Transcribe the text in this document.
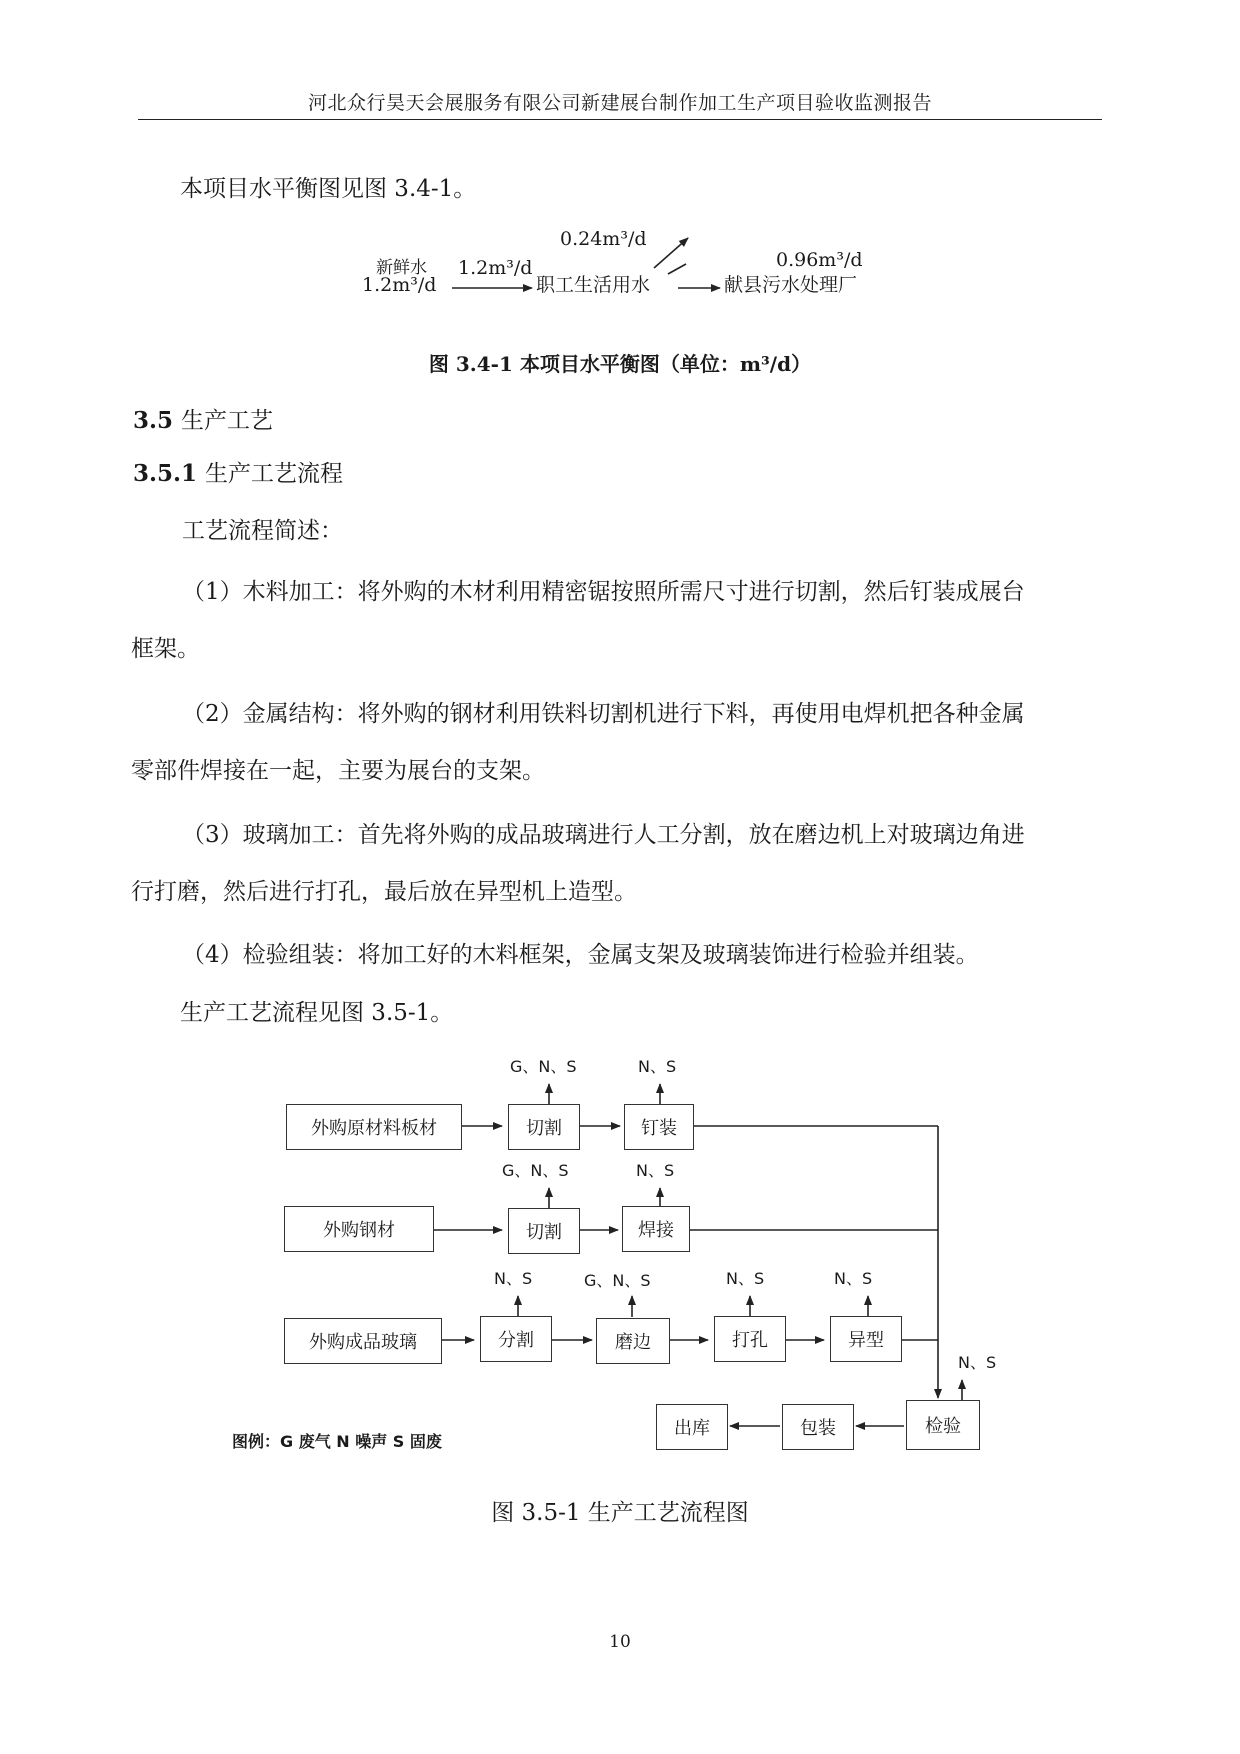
河北众行昊天会展服务有限公司新建展台制作加工生产项目验收监测报告
本项目水平衡图见图 3.4-1。
新鲜水
1.2m³/d
1.2m³/d
0.24m³/d
职工生活用水
0.96m³/d
献县污水处理厂
图 3.4-1 本项目水平衡图（单位：m³/d）
3.5 生产工艺
3.5.1 生产工艺流程
工艺流程简述：
（1）木料加工：将外购的木材利用精密锯按照所需尺寸进行切割，然后钉装成展台
框架。
（2）金属结构：将外购的钢材利用铁料切割机进行下料，再使用电焊机把各种金属
零部件焊接在一起，主要为展台的支架。
（3）玻璃加工：首先将外购的成品玻璃进行人工分割，放在磨边机上对玻璃边角进
行打磨，然后进行打孔，最后放在异型机上造型。
（4）检验组装：将加工好的木料框架，金属支架及玻璃装饰进行检验并组装。
生产工艺流程见图 3.5-1。
外购原材料板材	切割	钉装
G、N、S	N、S
外购钢材	切割	焊接
G、N、S	N、S
外购成品玻璃	分割	磨边	打孔	异型
N、S	G、N、S	N、S	N、S
检验
包装
出库
N、S
图例：G 废气 N 噪声 S 固废
图 3.5-1 生产工艺流程图
10
